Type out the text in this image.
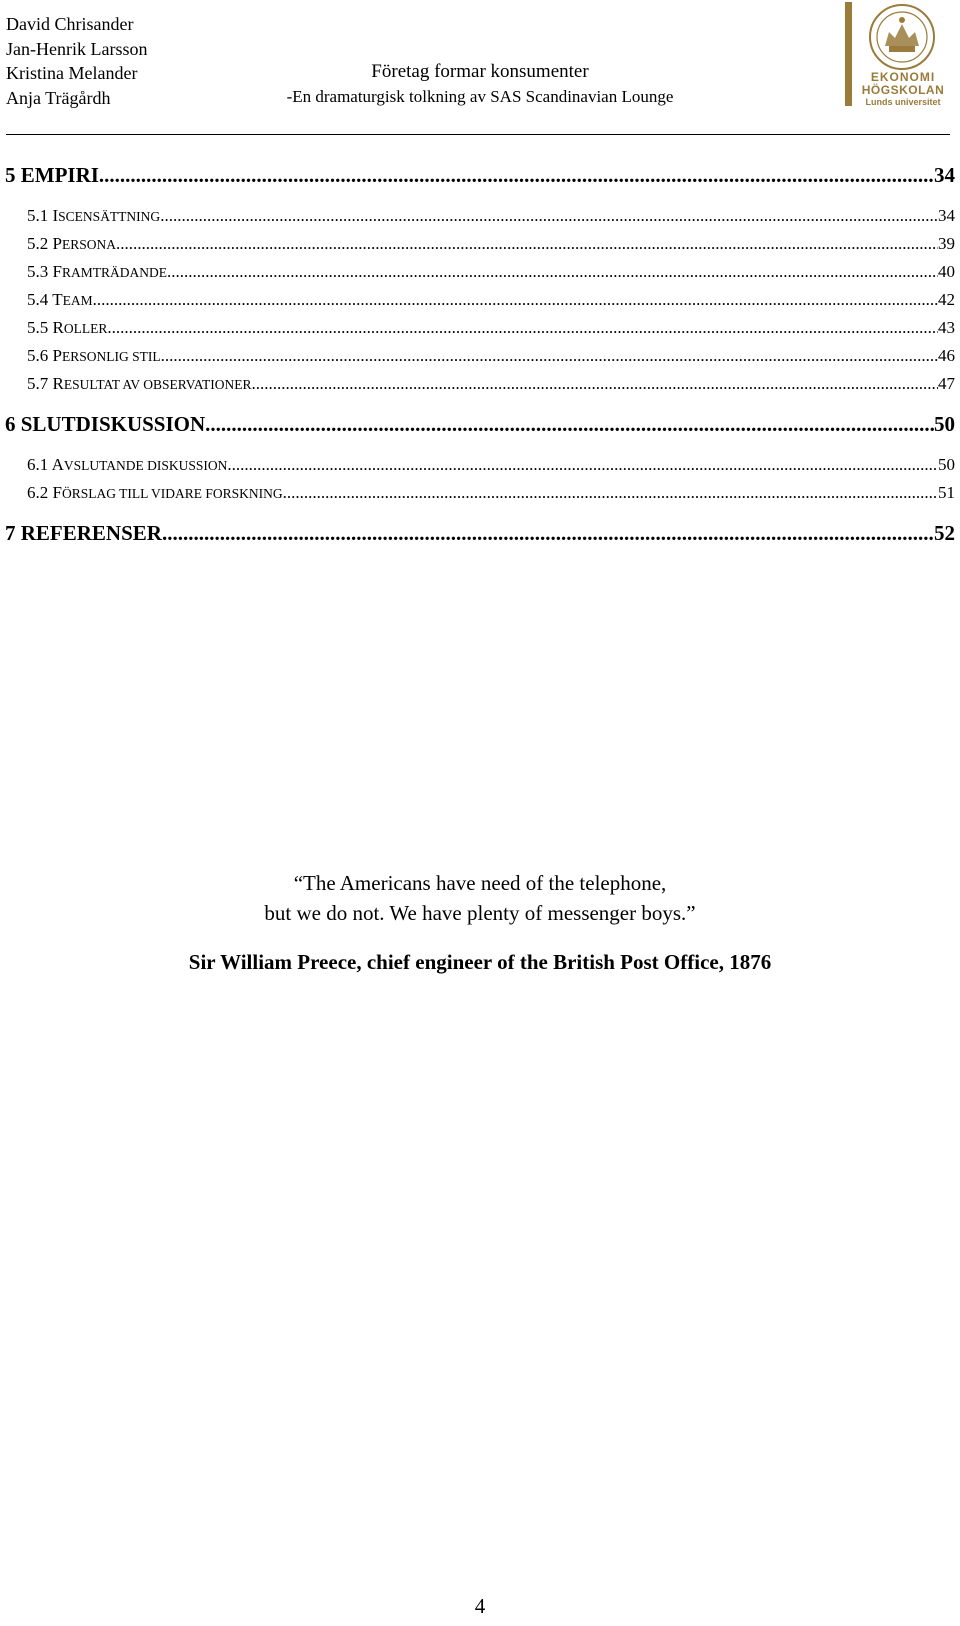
David Chrisander
Jan-Henrik Larsson
Kristina Melander
Anja Trägårdh
Företag formar konsumenter
-En dramaturgisk tolkning av SAS Scandinavian Lounge
EKONOMI
HÖGSKOLAN
Lunds universitet
5 EMPIRI .....	34
5.1 ISCENSÄTTNING .....	34
5.2 PERSONA .....	39
5.3 FRAMTRÄDANDE .....	40
5.4 TEAM .....	42
5.5 ROLLER .....	43
5.6 PERSONLIG STIL .....	46
5.7 RESULTAT AV OBSERVATIONER .....	47
6 SLUTDISKUSSION .....	50
6.1 AVSLUTANDE DISKUSSION .....	50
6.2 FÖRSLAG TILL VIDARE FORSKNING .....	51
7 REFERENSER .....	52
“The Americans have need of the telephone,
but we do not. We have plenty of messenger boys.”
Sir William Preece, chief engineer of the British Post Office, 1876
4
